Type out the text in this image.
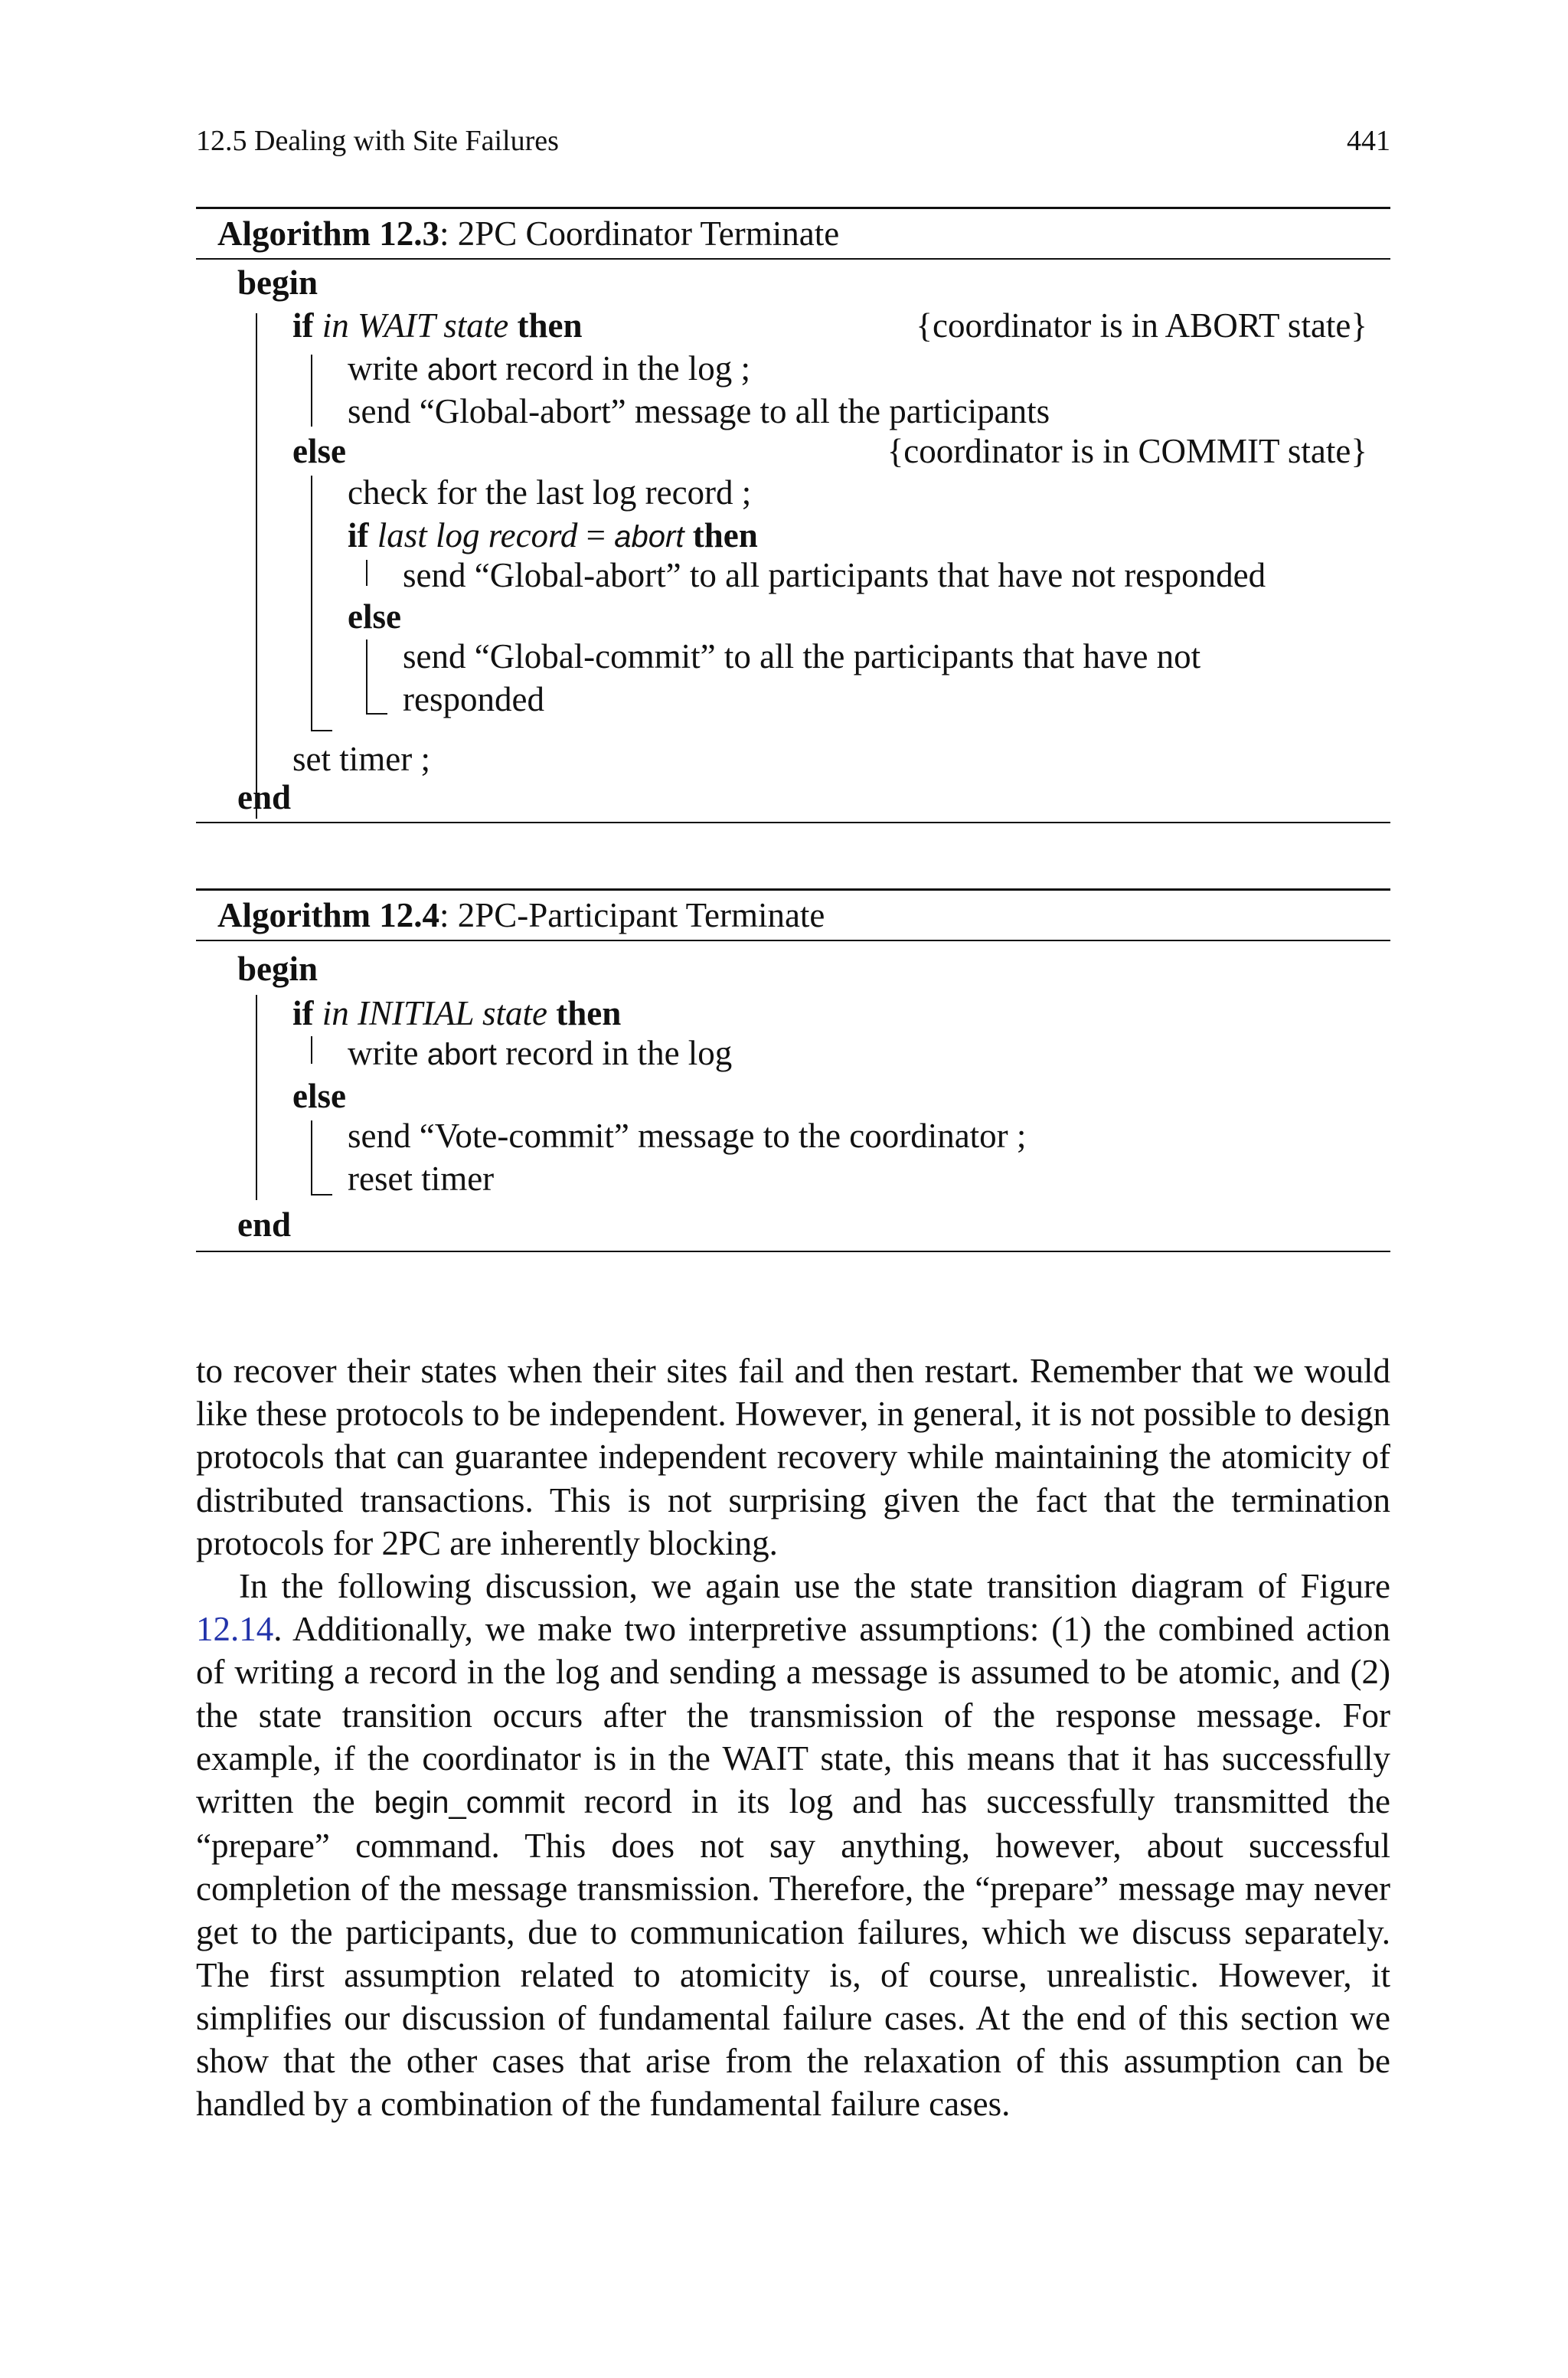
12.5 Dealing with Site Failures	441
Algorithm 12.3: 2PC Coordinator Terminate
begin
if in WAIT state then	{coordinator is in ABORT state}
write abort record in the log ;
send “Global-abort” message to all the participants
else	{coordinator is in COMMIT state}
check for the last log record ;
if last log record = abort then
send “Global-abort” to all participants that have not responded
else
send “Global-commit” to all the participants that have not
responded
set timer ;
end
Algorithm 12.4: 2PC-Participant Terminate
begin
if in INITIAL state then
write abort record in the log
else
send “Vote-commit” message to the coordinator ;
reset timer
end

to recover their states when their sites fail and then restart. Remember that we would like these protocols to be independent. However, in general, it is not possible to design protocols that can guarantee independent recovery while maintaining the atomicity of distributed transactions. This is not surprising given the fact that the termination protocols for 2PC are inherently blocking.

In the following discussion, we again use the state transition diagram of Figure 12.14. Additionally, we make two interpretive assumptions: (1) the combined action of writing a record in the log and sending a message is assumed to be atomic, and (2) the state transition occurs after the transmission of the response message. For example, if the coordinator is in the WAIT state, this means that it has successfully written the begin_commit record in its log and has successfully transmitted the “prepare” command. This does not say anything, however, about successful completion of the message transmission. Therefore, the “prepare” message may never get to the participants, due to communication failures, which we discuss separately. The first assumption related to atomicity is, of course, unrealistic. However, it simplifies our discussion of fundamental failure cases. At the end of this section we show that the other cases that arise from the relaxation of this assumption can be handled by a combination of the fundamental failure cases.
